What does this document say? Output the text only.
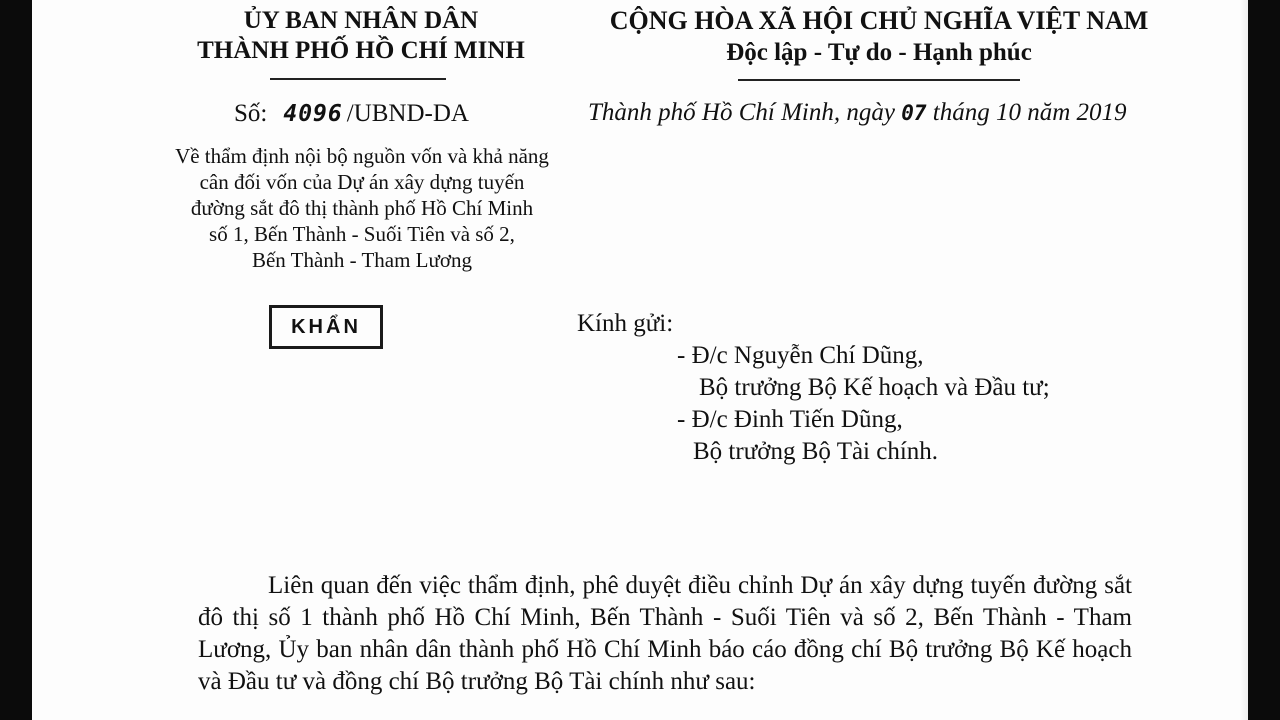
ỦY BAN NHÂN DÂN
THÀNH PHỐ HỒ CHÍ MINH
CỘNG HÒA XÃ HỘI CHỦ NGHĨA VIỆT NAM
Độc lập - Tự do - Hạnh phúc
Số: 4096 /UBND-DA	Thành phố Hồ Chí Minh, ngày 07 tháng 10 năm 2019
Về thẩm định nội bộ nguồn vốn và khả năng
cân đối vốn của Dự án xây dựng tuyến
đường sắt đô thị thành phố Hồ Chí Minh
số 1, Bến Thành - Suối Tiên và số 2,
Bến Thành - Tham Lương
KHẨN	Kính gửi:
- Đ/c Nguyễn Chí Dũng,
Bộ trưởng Bộ Kế hoạch và Đầu tư;
- Đ/c Đinh Tiến Dũng,
Bộ trưởng Bộ Tài chính.
Liên quan đến việc thẩm định, phê duyệt điều chỉnh Dự án xây dựng tuyến đường sắt đô thị số 1 thành phố Hồ Chí Minh, Bến Thành - Suối Tiên và số 2, Bến Thành - Tham Lương, Ủy ban nhân dân thành phố Hồ Chí Minh báo cáo đồng chí Bộ trưởng Bộ Kế hoạch và Đầu tư và đồng chí Bộ trưởng Bộ Tài chính như sau:
